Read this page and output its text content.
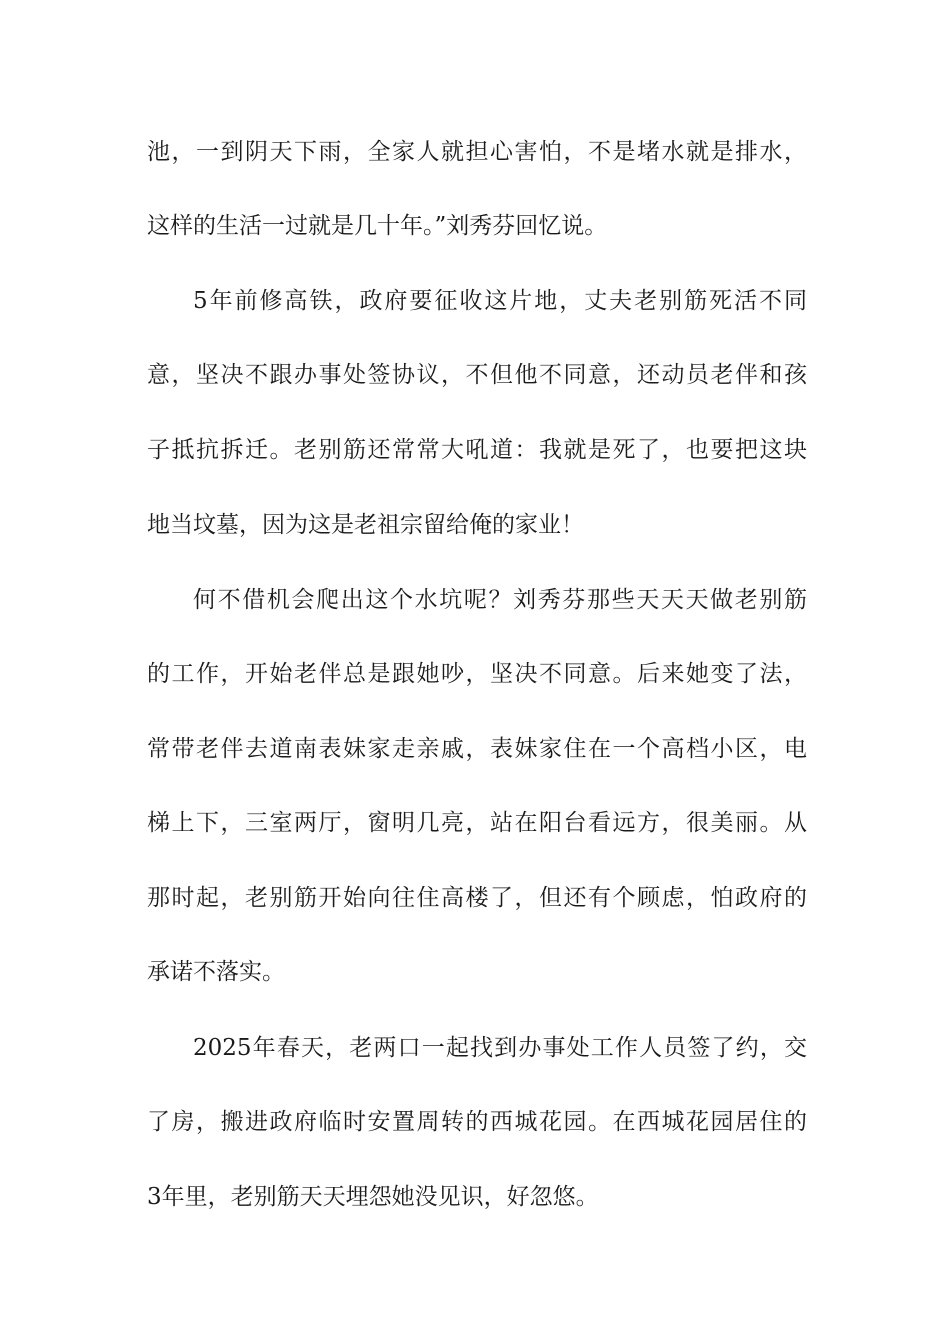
池，一到阴天下雨，全家人就担心害怕，不是堵水就是排水，
这样的生活一过就是几十年。”刘秀芬回忆说。
5年前修高铁，政府要征收这片地，丈夫老别筋死活不同
意，坚决不跟办事处签协议，不但他不同意，还动员老伴和孩
子抵抗拆迁。老别筋还常常大吼道：我就是死了，也要把这块
地当坟墓，因为这是老祖宗留给俺的家业！
何不借机会爬出这个水坑呢？刘秀芬那些天天天做老别筋
的工作，开始老伴总是跟她吵，坚决不同意。后来她变了法，
常带老伴去道南表妹家走亲戚，表妹家住在一个高档小区，电
梯上下，三室两厅，窗明几亮，站在阳台看远方，很美丽。从
那时起，老别筋开始向往住高楼了，但还有个顾虑，怕政府的
承诺不落实。
2025年春天，老两口一起找到办事处工作人员签了约，交
了房，搬进政府临时安置周转的西城花园。在西城花园居住的
3年里，老别筋天天埋怨她没见识，好忽悠。
